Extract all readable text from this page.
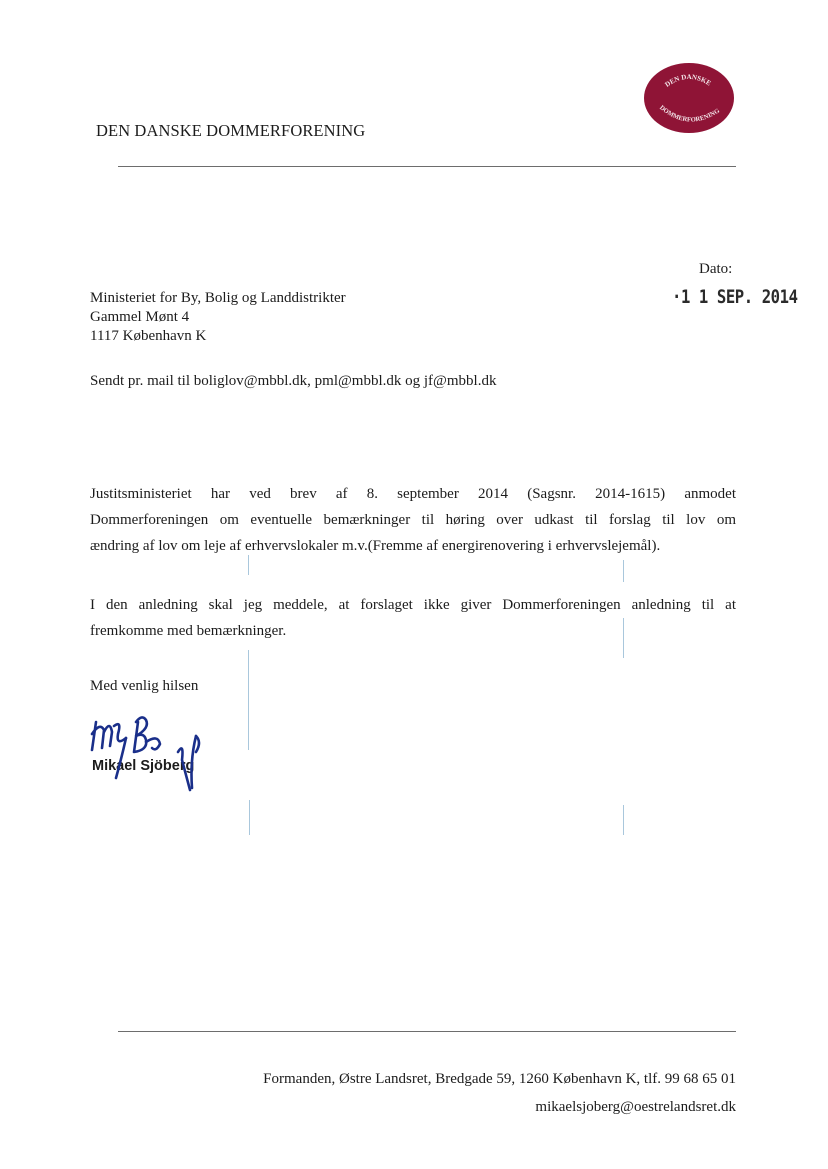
DEN DANSKE DOMMERFORENING
DEN DANSKE
DOMMERFORENING
Dato:
·1 1 SEP. 2014
Ministeriet for By, Bolig og Landdistrikter
Gammel Mønt 4
1117 København K
Sendt pr. mail til boliglov@mbbl.dk, pml@mbbl.dk og jf@mbbl.dk
Justitsministeriet har ved brev af 8. september 2014 (Sagsnr. 2014-1615) anmodet
Dommerforeningen om eventuelle bemærkninger til høring over udkast til forslag til lov om
ændring af lov om leje af erhvervslokaler m.v.(Fremme af energirenovering i erhvervslejemål).
I den anledning skal jeg meddele, at forslaget ikke giver Dommerforeningen anledning til at
fremkomme med bemærkninger.
Med venlig hilsen
Mikael Sjöberg
Formanden, Østre Landsret, Bredgade 59, 1260 København K, tlf. 99 68 65 01
mikaelsjoberg@oestrelandsret.dk
